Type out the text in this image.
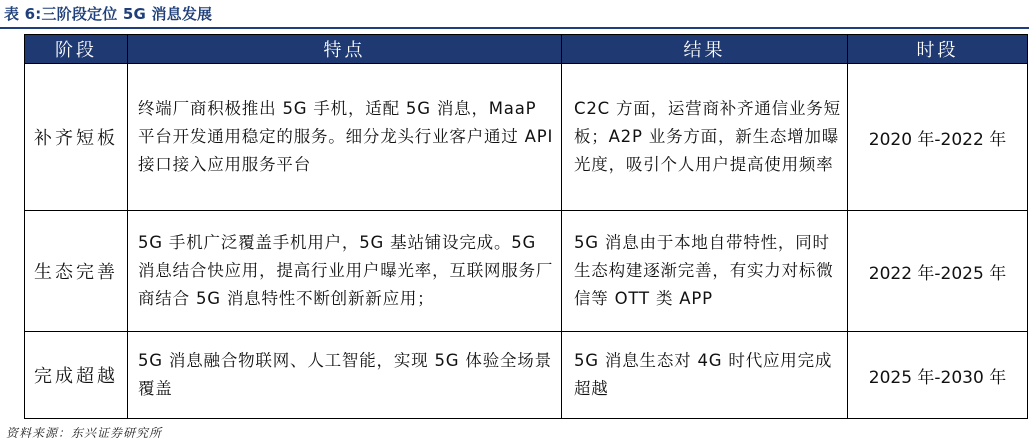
表 6:三阶段定位 5G 消息发展
阶段	特点	结果	时段
补齐短板	终端厂商积极推出 5G 手机，适配 5G 消息，MaaP 平台开发通用稳定的服务。细分龙头行业客户通过 API 接口接入应用服务平台	C2C 方面，运营商补齐通信业务短板；A2P 业务方面，新生态增加曝光度，吸引个人用户提高使用频率	2020 年-2022 年
生态完善	5G 手机广泛覆盖手机用户，5G 基站铺设完成。5G 消息结合快应用，提高行业用户曝光率，互联网服务厂商结合 5G 消息特性不断创新新应用；	5G 消息由于本地自带特性，同时生态构建逐渐完善，有实力对标微信等 OTT 类 APP	2022 年-2025 年
完成超越	5G 消息融合物联网、人工智能，实现 5G 体验全场景覆盖	5G 消息生态对 4G 时代应用完成超越	2025 年-2030 年
资料来源：东兴证券研究所
